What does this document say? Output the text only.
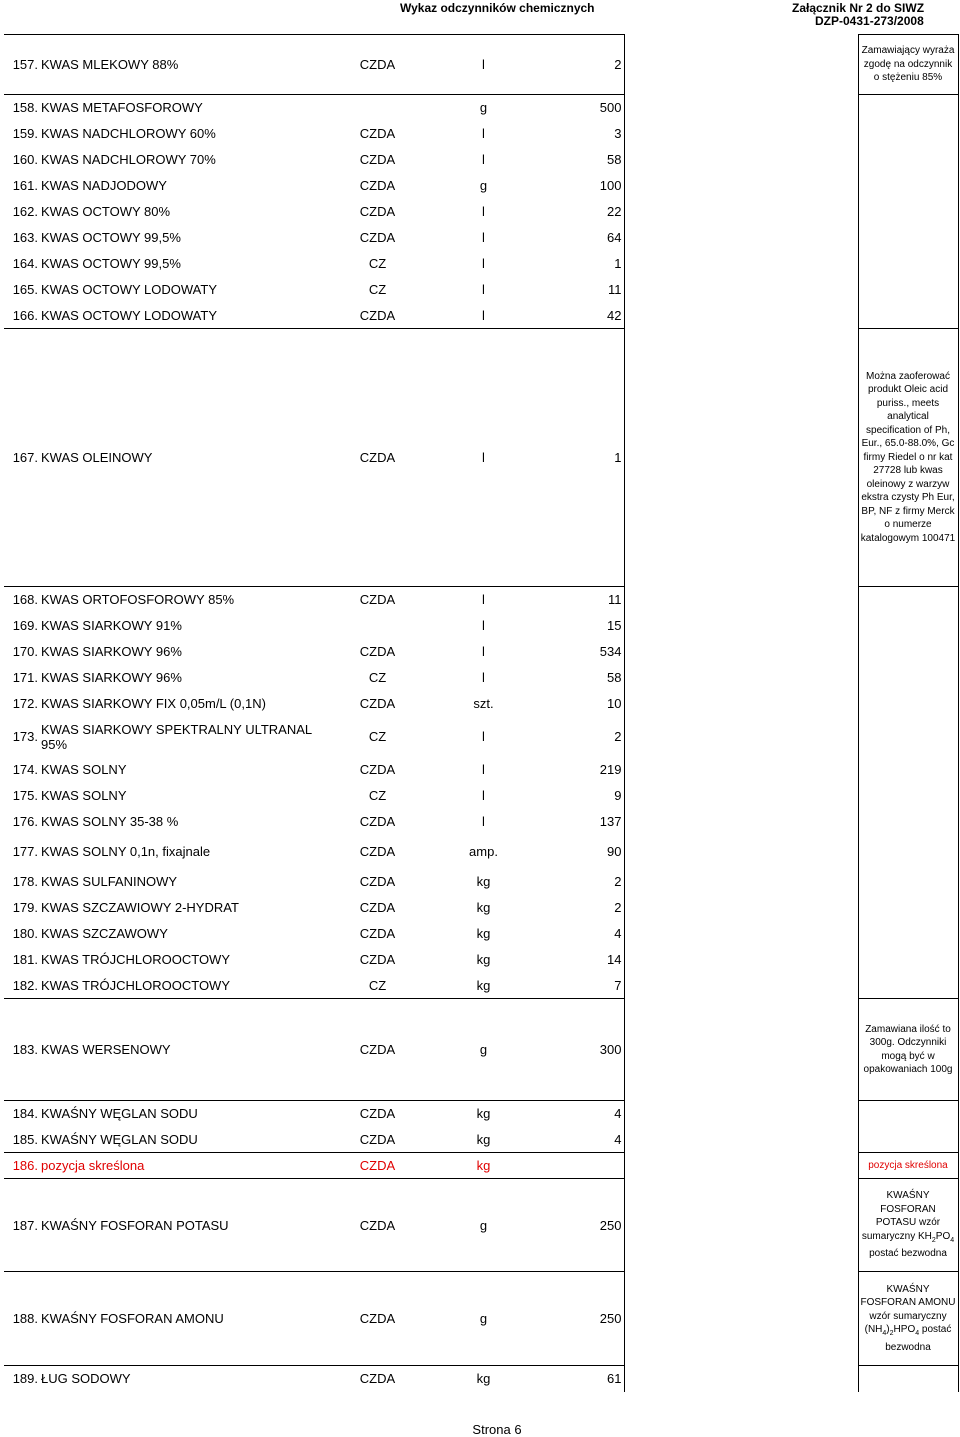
Wykaz odczynników chemicznych	Załącznik Nr 2 do SIWZ
DZP-0431-273/2008
157.	KWAS MLEKOWY 88%	CZDA	l	2		Zamawiający wyraża zgodę na odczynnik o stężeniu 85%
158.	KWAS METAFOSFOROWY		g	500		
159.	KWAS NADCHLOROWY 60%	CZDA	l	3		
160.	KWAS NADCHLOROWY 70%	CZDA	l	58		
161.	KWAS NADJODOWY	CZDA	g	100		
162.	KWAS OCTOWY 80%	CZDA	l	22		
163.	KWAS OCTOWY 99,5%	CZDA	l	64		
164.	KWAS OCTOWY 99,5%	CZ	l	1		
165.	KWAS OCTOWY LODOWATY	CZ	l	11		
166.	KWAS OCTOWY LODOWATY	CZDA	l	42		
167.	KWAS OLEINOWY	CZDA	l	1		Można zaoferować produkt Oleic acid puriss., meets analytical specification of Ph, Eur., 65.0-88.0%, Gc firmy Riedel o nr kat 27728 lub kwas oleinowy z warzyw ekstra czysty Ph Eur, BP, NF z firmy Merck o numerze katalogowym 100471
168.	KWAS ORTOFOSFOROWY 85%	CZDA	l	11		
169.	KWAS SIARKOWY 91%		l	15		
170.	KWAS SIARKOWY 96%	CZDA	l	534		
171.	KWAS SIARKOWY 96%	CZ	l	58		
172.	KWAS SIARKOWY FIX 0,05m/L (0,1N)	CZDA	szt.	10		
173.	KWAS SIARKOWY SPEKTRALNY ULTRANAL 95%	CZ	l	2		
174.	KWAS SOLNY	CZDA	l	219		
175.	KWAS SOLNY	CZ	l	9		
176.	KWAS SOLNY 35-38 %	CZDA	l	137		
177.	KWAS SOLNY 0,1n, fixajnale	CZDA	amp.	90		
178.	KWAS SULFANINOWY	CZDA	kg	2		
179.	KWAS SZCZAWIOWY 2-HYDRAT	CZDA	kg	2		
180.	KWAS SZCZAWOWY	CZDA	kg	4		
181.	KWAS TRÓJCHLOROOCTOWY	CZDA	kg	14		
182.	KWAS TRÓJCHLOROOCTOWY	CZ	kg	7		
183.	KWAS WERSENOWY	CZDA	g	300		Zamawiana ilość to 300g. Odczynniki mogą być w opakowaniach 100g
184.	KWAŚNY WĘGLAN SODU	CZDA	kg	4		
185.	KWAŚNY WĘGLAN SODU	CZDA	kg	4		
186.	pozycja skreślona	CZDA	kg			pozycja skreślona
187.	KWAŚNY FOSFORAN POTASU	CZDA	g	250		KWAŚNY FOSFORAN POTASU wzór sumaryczny $KH_2PO_4$ postać bezwodna
188.	KWAŚNY FOSFORAN AMONU	CZDA	g	250		KWAŚNY FOSFORAN AMONU wzór sumaryczny $(NH_4)_2HPO_4$ postać bezwodna
189.	ŁUG SODOWY	CZDA	kg	61		
Strona 6
